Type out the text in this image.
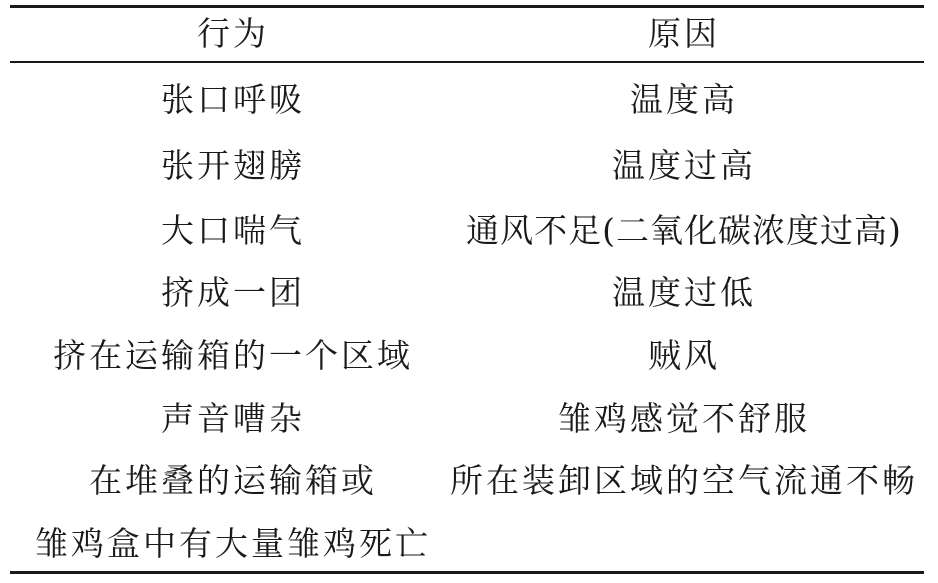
行为	原因
张口呼吸	温度高
张开翅膀	温度过高
大口喘气	通风不足(二氧化碳浓度过高)
挤成一团	温度过低
挤在运输箱的一个区域	贼风
声音嘈杂	雏鸡感觉不舒服
在堆叠的运输箱或	所在装卸区域的空气流通不畅
雏鸡盒中有大量雏鸡死亡
